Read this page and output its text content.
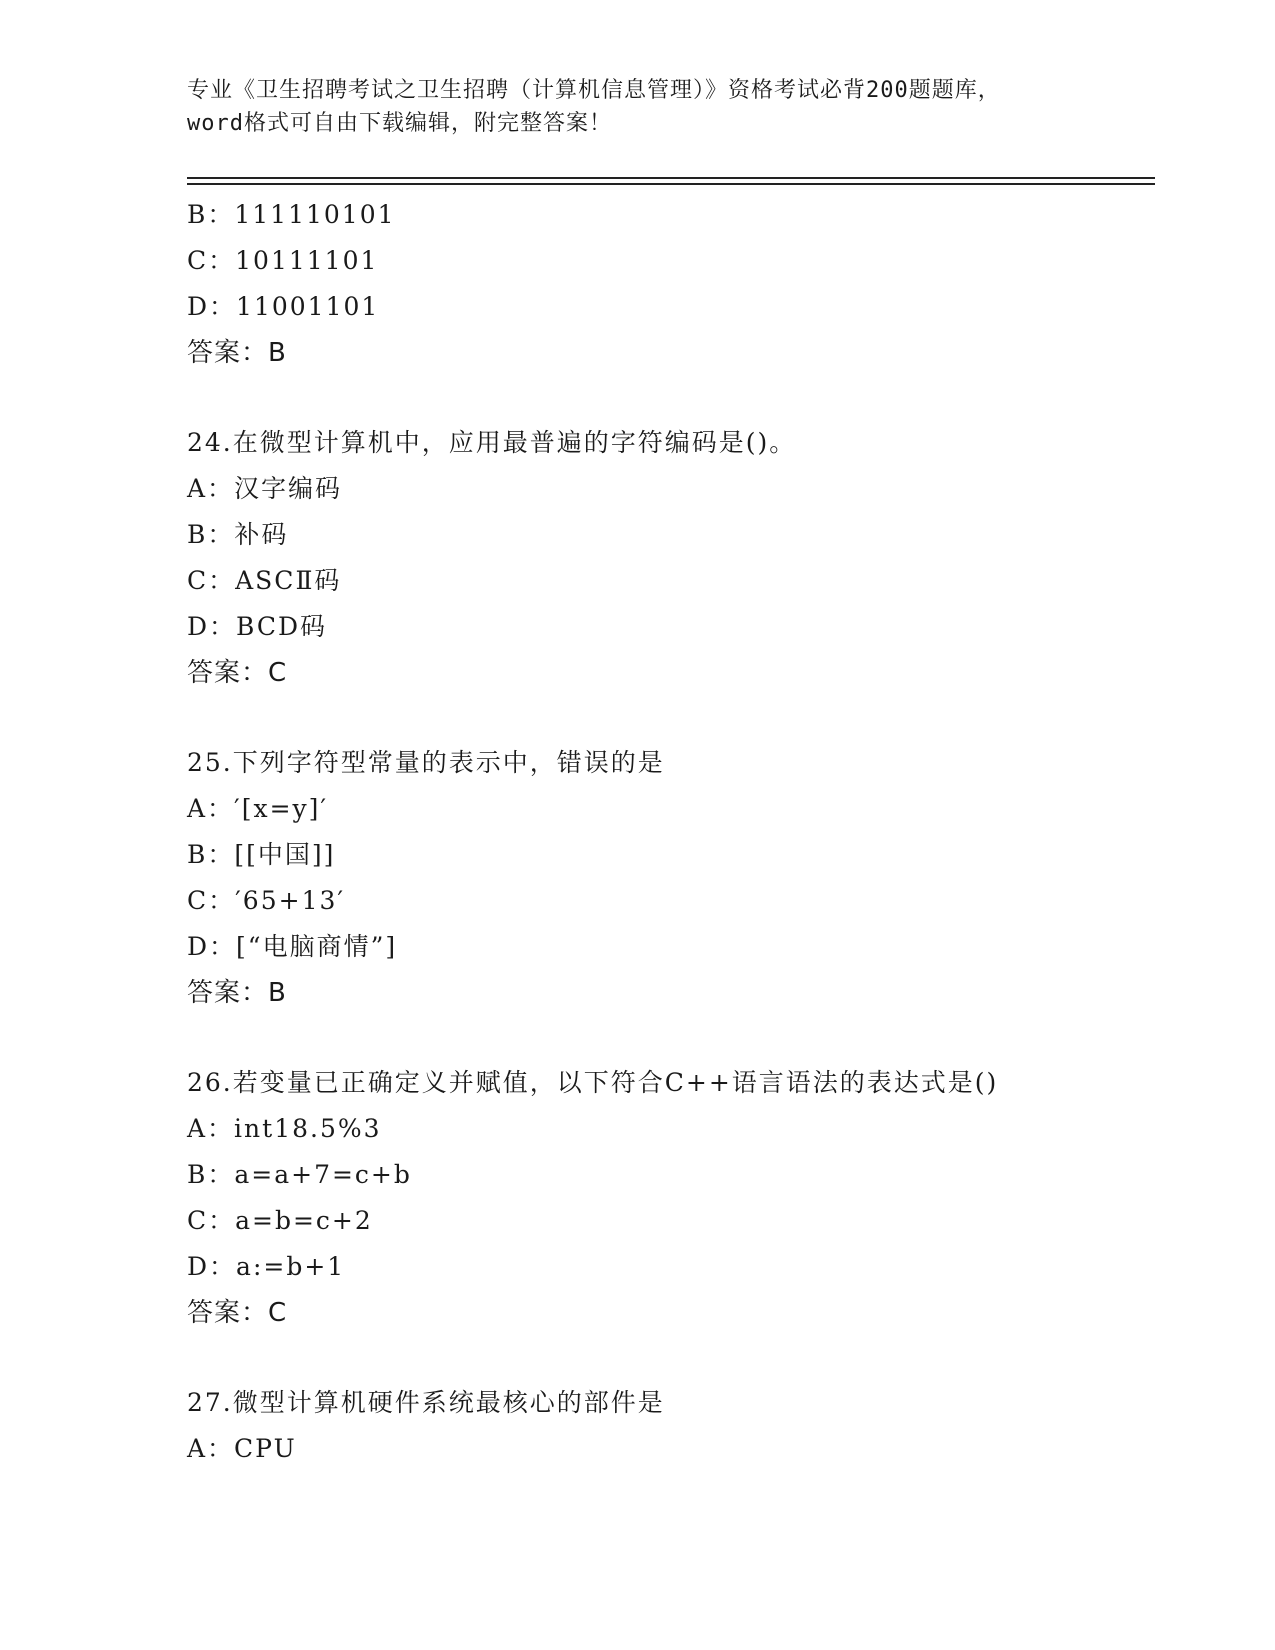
专业《卫生招聘考试之卫生招聘（计算机信息管理）》资格考试必背200题题库，
word格式可自由下载编辑，附完整答案！
B：111110101
C：10111101
D：11001101
答案：B
24.在微型计算机中，应用最普遍的字符编码是()。
A：汉字编码
B：补码
C：ASCⅡ码
D：BCD码
答案：C
25.下列字符型常量的表示中，错误的是
A：′[x=y]′
B：[[中国]]
C：′65+13′
D：[“电脑商情”]
答案：B
26.若变量已正确定义并赋值，以下符合C++语言语法的表达式是()
A：int18.5%3
B：a=a+7=c+b
C：a=b=c+2
D：a:=b+1
答案：C
27.微型计算机硬件系统最核心的部件是
A：CPU
